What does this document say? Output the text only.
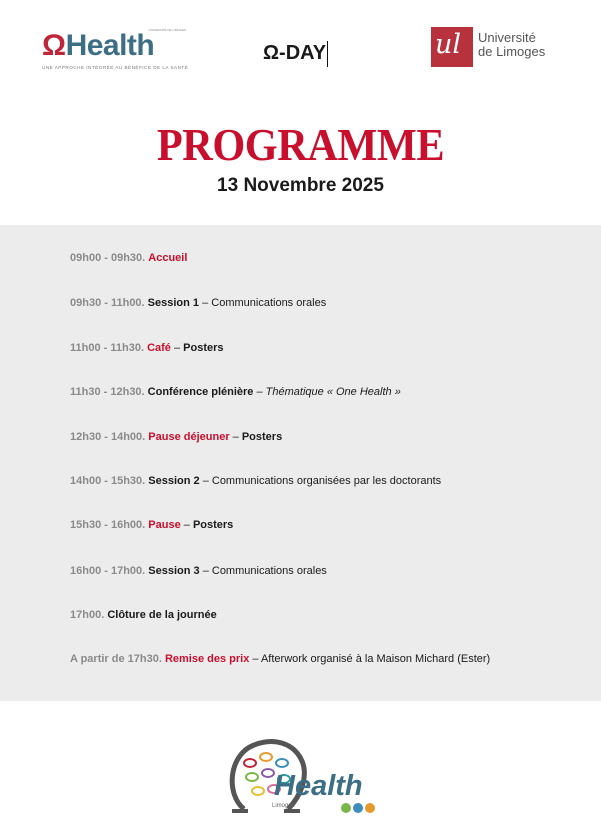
ΩHealth
UNIVERSITÉ DE LIMOGES
UNE APPROCHE INTÉGRÉE AU BÉNÉFICE DE LA SANTÉ
Ω-DAY	ul Université
de Limoges
PROGRAMME
13 Novembre 2025
09h00 - 09h30. Accueil
09h30 - 11h00. Session 1 – Communications orales
11h00 - 11h30. Café – Posters
11h30 - 12h30. Conférence plénière – Thématique « One Health »
12h30 - 14h00. Pause déjeuner – Posters
14h00 - 15h30. Session 2 – Communications organisées par les doctorants
15h30 - 16h00. Pause – Posters
16h00 - 17h00. Session 3 – Communications orales
17h00. Clôture de la journée
A partir de 17h30. Remise des prix – Afterwork organisé à la Maison Michard (Ester)
Health
Limoges
